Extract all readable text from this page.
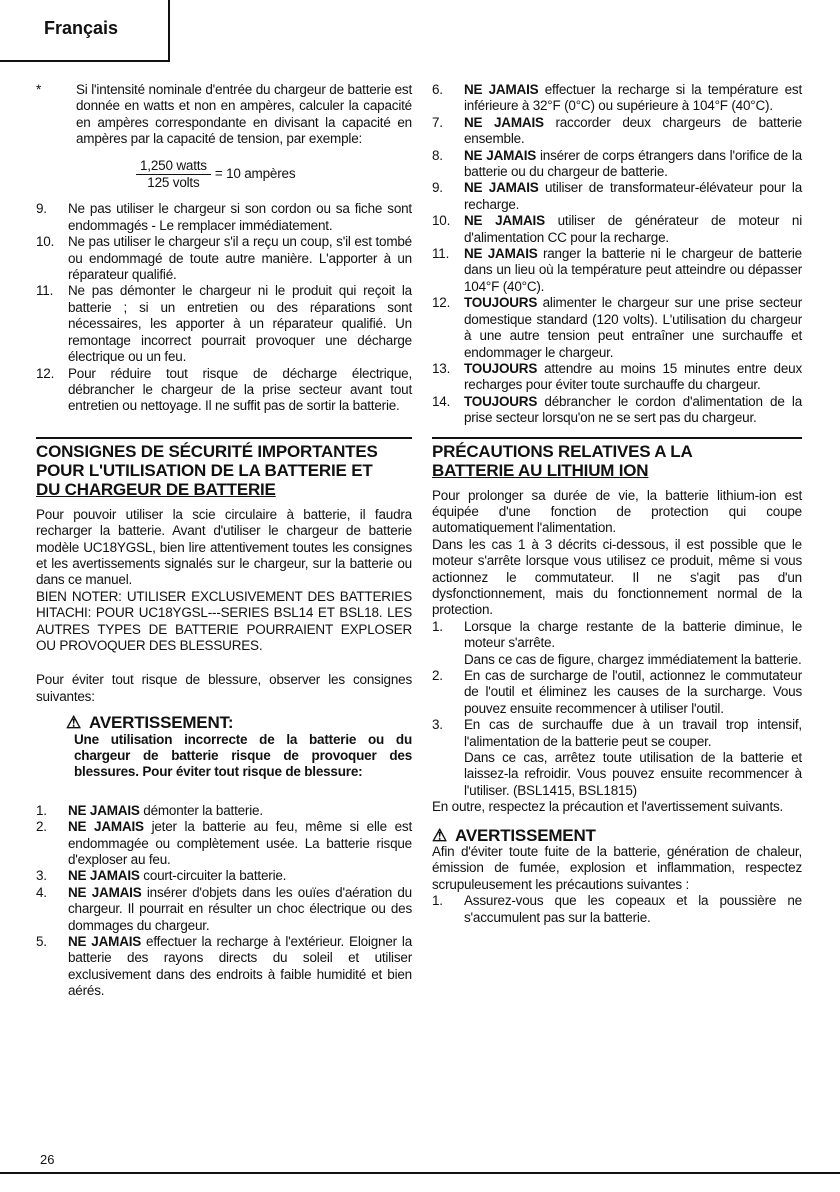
Français
*	Si l'intensité nominale d'entrée du chargeur de batterie est donnée en watts et non en ampères, calculer la capacité en ampères correspondante en divisant la capacité en ampères par la capacité de tension, par exemple:

$\frac{\text{1,250 watts}}{\text{125 volts}} = 10$ ampères
9.	Ne pas utiliser le chargeur si son cordon ou sa fiche sont endommagés - Le remplacer immédiatement.
10.	Ne pas utiliser le chargeur s'il a reçu un coup, s'il est tombé ou endommagé de toute autre manière. L'apporter à un réparateur qualifié.
11.	Ne pas démonter le chargeur ni le produit qui reçoit la batterie ; si un entretien ou des réparations sont nécessaires, les apporter à un réparateur qualifié. Un remontage incorrect pourrait provoquer une décharge électrique ou un feu.
12.	Pour réduire tout risque de décharge électrique, débrancher le chargeur de la prise secteur avant tout entretien ou nettoyage. Il ne suffit pas de sortir la batterie.
CONSIGNES DE SÉCURITÉ IMPORTANTES
POUR L'UTILISATION DE LA BATTERIE ET
DU CHARGEUR DE BATTERIE

Pour pouvoir utiliser la scie circulaire à batterie, il faudra recharger la batterie. Avant d'utiliser le chargeur de batterie modèle UC18YGSL, bien lire attentivement toutes les consignes et les avertissements signalés sur le chargeur, sur la batterie ou dans ce manuel.

BIEN NOTER: UTILISER EXCLUSIVEMENT DES BATTERIES HITACHI: POUR UC18YGSL---SERIES BSL14 ET BSL18. LES AUTRES TYPES DE BATTERIE POURRAIENT EXPLOSER OU PROVOQUER DES BLESSURES.

Pour éviter tout risque de blessure, observer les consignes suivantes:

⚠ AVERTISSEMENT:

Une utilisation incorrecte de la batterie ou du chargeur de batterie risque de provoquer des blessures. Pour éviter tout risque de blessure:

1.	NE JAMAIS démonter la batterie.
2.	NE JAMAIS jeter la batterie au feu, même si elle est endommagée ou complètement usée. La batterie risque d'exploser au feu.
3.	NE JAMAIS court-circuiter la batterie.
4.	NE JAMAIS insérer d'objets dans les ouïes d'aération du chargeur. Il pourrait en résulter un choc électrique ou des dommages du chargeur.
5.	NE JAMAIS effectuer la recharge à l'extérieur. Eloigner la batterie des rayons directs du soleil et utiliser exclusivement dans des endroits à faible humidité et bien aérés.
6.	NE JAMAIS effectuer la recharge si la température est inférieure à 32°F (0°C) ou supérieure à 104°F (40°C).
7.	NE JAMAIS raccorder deux chargeurs de batterie ensemble.
8.	NE JAMAIS insérer de corps étrangers dans l'orifice de la batterie ou du chargeur de batterie.
9.	NE JAMAIS utiliser de transformateur-élévateur pour la recharge.
10.	NE JAMAIS utiliser de générateur de moteur ni d'alimentation CC pour la recharge.
11.	NE JAMAIS ranger la batterie ni le chargeur de batterie dans un lieu où la température peut atteindre ou dépasser 104°F (40°C).
12.	TOUJOURS alimenter le chargeur sur une prise secteur domestique standard (120 volts). L'utilisation du chargeur à une autre tension peut entraîner une surchauffe et endommager le chargeur.
13.	TOUJOURS attendre au moins 15 minutes entre deux recharges pour éviter toute surchauffe du chargeur.
14.	TOUJOURS débrancher le cordon d'alimentation de la prise secteur lorsqu'on ne se sert pas du chargeur.
PRÉCAUTIONS RELATIVES A LA
BATTERIE AU LITHIUM ION

Pour prolonger sa durée de vie, la batterie lithium-ion est équipée d'une fonction de protection qui coupe automatiquement l'alimentation.

Dans les cas 1 à 3 décrits ci-dessous, il est possible que le moteur s'arrête lorsque vous utilisez ce produit, même si vous actionnez le commutateur. Il ne s'agit pas d'un dysfonctionnement, mais du fonctionnement normal de la protection.

1.	Lorsque la charge restante de la batterie diminue, le moteur s'arrête.

Dans ce cas de figure, chargez immédiatement la batterie.

2.	En cas de surcharge de l'outil, actionnez le commutateur de l'outil et éliminez les causes de la surcharge. Vous pouvez ensuite recommencer à utiliser l'outil.
3.	En cas de surchauffe due à un travail trop intensif, l'alimentation de la batterie peut se couper.

Dans ce cas, arrêtez toute utilisation de la batterie et laissez-la refroidir. Vous pouvez ensuite recommencer à l'utiliser. (BSL1415, BSL1815)

En outre, respectez la précaution et l'avertissement suivants.

⚠ AVERTISSEMENT

Afin d'éviter toute fuite de la batterie, génération de chaleur, émission de fumée, explosion et inflammation, respectez scrupuleusement les précautions suivantes :

1.	Assurez-vous que les copeaux et la poussière ne s'accumulent pas sur la batterie.
26
